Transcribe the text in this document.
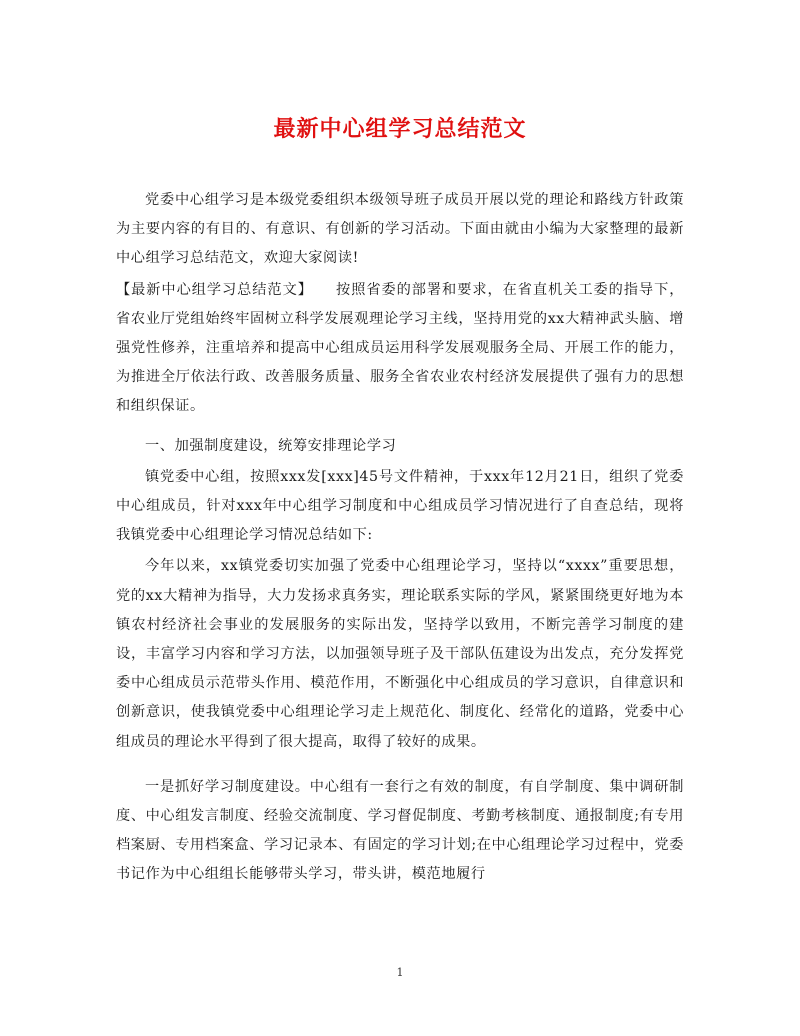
最新中心组学习总结范文

党委中心组学习是本级党委组织本级领导班子成员开展以党的理论和路线方针政策为主要内容的有目的、有意识、有创新的学习活动。下面由就由小编为大家整理的最新中心组学习总结范文，欢迎大家阅读!

【最新中心组学习总结范文】　　按照省委的部署和要求，在省直机关工委的指导下，省农业厅党组始终牢固树立科学发展观理论学习主线，坚持用党的xx大精神武头脑、增强党性修养，注重培养和提高中心组成员运用科学发展观服务全局、开展工作的能力，为推进全厅依法行政、改善服务质量、服务全省农业农村经济发展提供了强有力的思想和组织保证。

一、加强制度建设，统筹安排理论学习

镇党委中心组，按照xxx发[xxx]45号文件精神，于xxx年12月21日，组织了党委中心组成员，针对xxx年中心组学习制度和中心组成员学习情况进行了自查总结，现将我镇党委中心组理论学习情况总结如下:

今年以来，xx镇党委切实加强了党委中心组理论学习，坚持以“xxxx”重要思想，党的xx大精神为指导，大力发扬求真务实，理论联系实际的学风，紧紧围绕更好地为本镇农村经济社会事业的发展服务的实际出发，坚持学以致用，不断完善学习制度的建设，丰富学习内容和学习方法，以加强领导班子及干部队伍建设为出发点，充分发挥党委中心组成员示范带头作用、模范作用，不断强化中心组成员的学习意识，自律意识和创新意识，使我镇党委中心组理论学习走上规范化、制度化、经常化的道路，党委中心组成员的理论水平得到了很大提高，取得了较好的成果。

一是抓好学习制度建设。中心组有一套行之有效的制度，有自学制度、集中调研制度、中心组发言制度、经验交流制度、学习督促制度、考勤考核制度、通报制度;有专用档案厨、专用档案盒、学习记录本、有固定的学习计划;在中心组理论学习过程中，党委书记作为中心组组长能够带头学习，带头讲，模范地履行

1
